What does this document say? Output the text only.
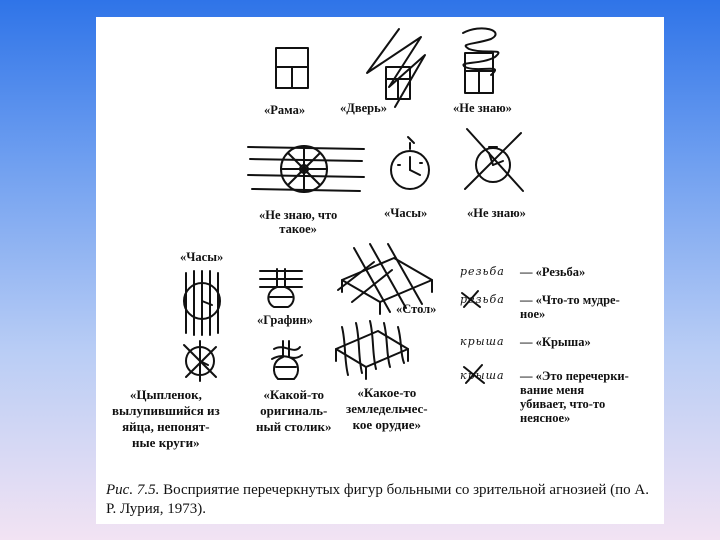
«Рама»	«Дверь»	«Не знаю»
«Не знаю, что
такое»
«Часы»	«Не знаю»
«Часы»
«Графин»
«Стол»
резьба — «Резьба»
резьба — «Что-то мудре-
ное»
крыша — «Крыша»
крыша — «Это перечерки-
вание меня
убивает, что-то
неясное»
«Цыпленок,
вылупившийся из
яйца, непонят-
ные круги»
«Какой-то
оригиналь-
ный столик»
«Какое-то
земледельчес-
кое орудие»
Рис. 7.5. Восприятие перечеркнутых фигур больными со зрительной агнозией (по А. Р. Лурия, 1973).
